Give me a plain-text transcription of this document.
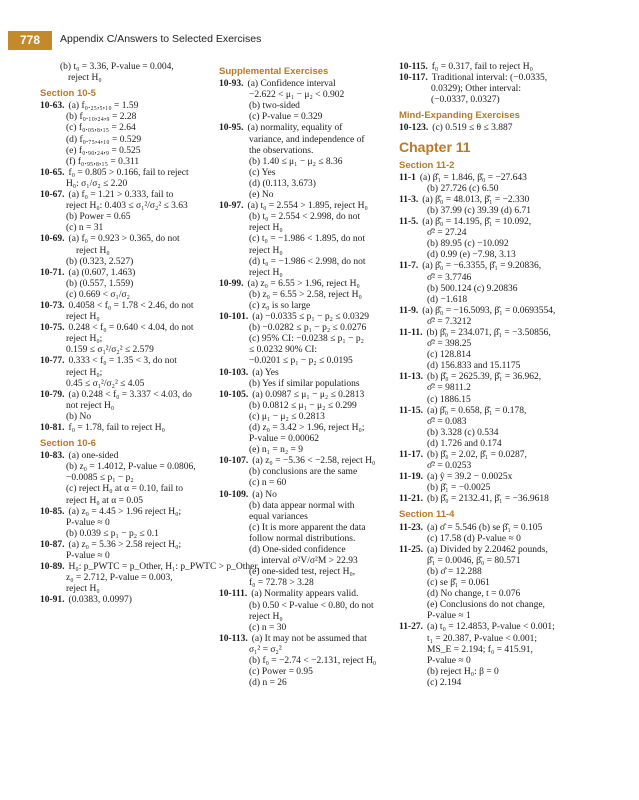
778	Appendix C/Answers to Selected Exercises
(b) t₀ = 3.36, P-value = 0.004,
reject H₀
Section 10-5
10-63. (a) f₀.₂₅,₅,₁₀ = 1.59
(b) f₀.₁₀,₂₄,₉ = 2.28
(c) f₀.₀₅,₈,₁₅ = 2.64
(d) f₀.₇₅,₄,₁₀ = 0.529
(e) f₀.₉₀,₂₄,₉ = 0.525
(f) f₀.₉₅,₈,₁₅ = 0.311
10-65. f₀ = 0.805 > 0.166, fail to reject
H₀: σ₁/σ₂ ≤ 2.20
10-67. (a) f₀ = 1.21 > 0.333, fail to
reject H₀: 0.403 ≤ σ₁²/σ₂² ≤ 3.63
(b) Power = 0.65
(c) n = 31
10-69. (a) f₀ = 0.923 > 0.365, do not
reject H₀
(b) (0.323, 2.527)
10-71. (a) (0.607, 1.463)
(b) (0.557, 1.559)
(c) 0.669 < σ₁/σ₂
10-73. 0.4058 < f₀ = 1.78 < 2.46, do not
reject H₀
10-75. 0.248 < f₀ = 0.640 < 4.04, do not
reject H₀;
0.159 ≤ σ₁²/σ₂² ≤ 2.579
10-77. 0.333 < f₀ = 1.35 < 3, do not
reject H₀;
0.45 ≤ σ₁²/σ₂² ≤ 4.05
10-79. (a) 0.248 < f₀ = 3.337 < 4.03, do
not reject H₀
(b) No
10-81. f₀ = 1.78, fail to reject H₀
Section 10-6
10-83. (a) one-sided
(b) z₀ = 1.4012, P-value = 0.0806,
−0.0085 ≤ p₁ − p₂
(c) reject H₀ at α = 0.10, fail to
reject H₀ at α = 0.05
10-85. (a) z₀ = 4.45 > 1.96 reject H₀;
P-value ≈ 0
(b) 0.039 ≤ p₁ − p₂ ≤ 0.1
10-87. (a) z₀ = 5.36 > 2.58 reject H₀;
P-value ≈ 0
10-89. H₀: p_PWTC = p_Other, H₁: p_PWTC > p_Other,
z₀ = 2.712, P-value = 0.003,
reject H₀
10-91. (0.0383, 0.0997)
Supplemental Exercises
10-93. (a) Confidence interval
−2.622 < μ₁ − μ₂ < 0.902
(b) two-sided
(c) P-value = 0.329
10-95. (a) normality, equality of
variance, and independence of
the observations.
(b) 1.40 ≤ μ₁ − μ₂ ≤ 8.36
(c) Yes
(d) (0.113, 3.673)
(e) No
10-97. (a) t₀ = 2.554 > 1.895, reject H₀
(b) t₀ = 2.554 < 2.998, do not
reject H₀
(c) t₀ = −1.986 < 1.895, do not
reject H₀
(d) t₀ = −1.986 < 2.998, do not
reject H₀
10-99. (a) z₀ = 6.55 > 1.96, reject H₀
(b) z₀ = 6.55 > 2.58, reject H₀
(c) z₀ is so large
10-101. (a) −0.0335 ≤ p₁ − p₂ ≤ 0.0329
(b) −0.0282 ≤ p₁ − p₂ ≤ 0.0276
(c) 95% CI: −0.0238 ≤ p₁ − p₂
≤ 0.0232 90% CI:
−0.0201 ≤ p₁ − p₂ ≤ 0.0195
10-103. (a) Yes
(b) Yes if similar populations
10-105. (a) 0.0987 ≤ μ₁ − μ₂ ≤ 0.2813
(b) 0.0812 ≤ μ₁ − μ₂ ≤ 0.299
(c) μ₁ − μ₂ ≤ 0.2813
(d) z₀ = 3.42 > 1.96, reject H₀;
P-value = 0.00062
(e) n₁ = n₂ = 9
10-107. (a) z₀ = −5.36 < −2.58, reject H₀
(b) conclusions are the same
(c) n = 60
10-109. (a) No
(b) data appear normal with
equal variances
(c) It is more apparent the data
follow normal distributions.
(d) One-sided confidence
interval σ²V/σ²M > 22.93
(e) one-sided test, reject H₀,
f₀ = 72.78 > 3.28
10-111. (a) Normality appears valid.
(b) 0.50 < P-value < 0.80, do not
reject H₀
(c) n = 30
10-113. (a) It may not be assumed that
σ₁² = σ₂²
(b) f₀ = −2.74 < −2.131, reject H₀
(c) Power = 0.95
(d) n = 26
10-115. f₀ = 0.317, fail to reject H₀
10-117. Traditional interval: (−0.0335,
0.0329); Other interval:
(−0.0337, 0.0327)
Mind-Expanding Exercises
10-123. (c) 0.519 ≤ θ ≤ 3.887
Chapter 11
Section 11-2
11-1 (a) β̂₁ = 1.846, β̂₀ = −27.643
(b) 27.726 (c) 6.50
11-3. (a) β̂₀ = 48.013, β̂₁ = −2.330
(b) 37.99 (c) 39.39 (d) 6.71
11-5. (a) β̂₀ = 14.195, β̂₁ = 10.092,
σ̂² = 27.24
(b) 89.95 (c) −10.092
(d) 0.99 (e) −7.98, 3.13
11-7. (a) β̂₀ = −6.3355, β̂₁ = 9.20836,
σ̂² = 3.7746
(b) 500.124 (c) 9.20836
(d) −1.618
11-9. (a) β̂₀ = −16.5093, β̂₁ = 0.0693554,
σ̂² = 7.3212
11-11. (b) β̂₀ = 234.071, β̂₁ = −3.50856,
σ̂² = 398.25
(c) 128.814
(d) 156.833 and 15.1175
11-13. (b) β̂₀ = 2625.39, β̂₁ = 36.962,
σ̂² = 9811.2
(c) 1886.15
11-15. (a) β̂₀ = 0.658, β̂₁ = 0.178,
σ̂² = 0.083
(b) 3.328 (c) 0.534
(d) 1.726 and 0.174
11-17. (b) β̂₀ = 2.02, β̂₁ = 0.0287,
σ̂² = 0.0253
11-19. (a) ŷ = 39.2 − 0.0025x
(b) β̂₁ = −0.0025
11-21. (b) β̂₀ = 2132.41, β̂₁ = −36.9618
Section 11-4
11-23. (a) σ̂ = 5.546 (b) se β̂₁ = 0.105
(c) 17.58 (d) P-value ≈ 0
11-25. (a) Divided by 2.20462 pounds,
β̂₁ = 0.0046, β̂₀ = 80.571
(b) σ̂ = 12.288
(c) se β̂₁ = 0.061
(d) No change, t = 0.076
(e) Conclusions do not change,
P-value ≈ 1
11-27. (a) t₀ = 12.4853, P-value < 0.001;
t₁ = 20.387, P-value < 0.001;
MS_E = 2.194; f₀ = 415.91,
P-value ≈ 0
(b) reject H₀: β = 0
(c) 2.194
